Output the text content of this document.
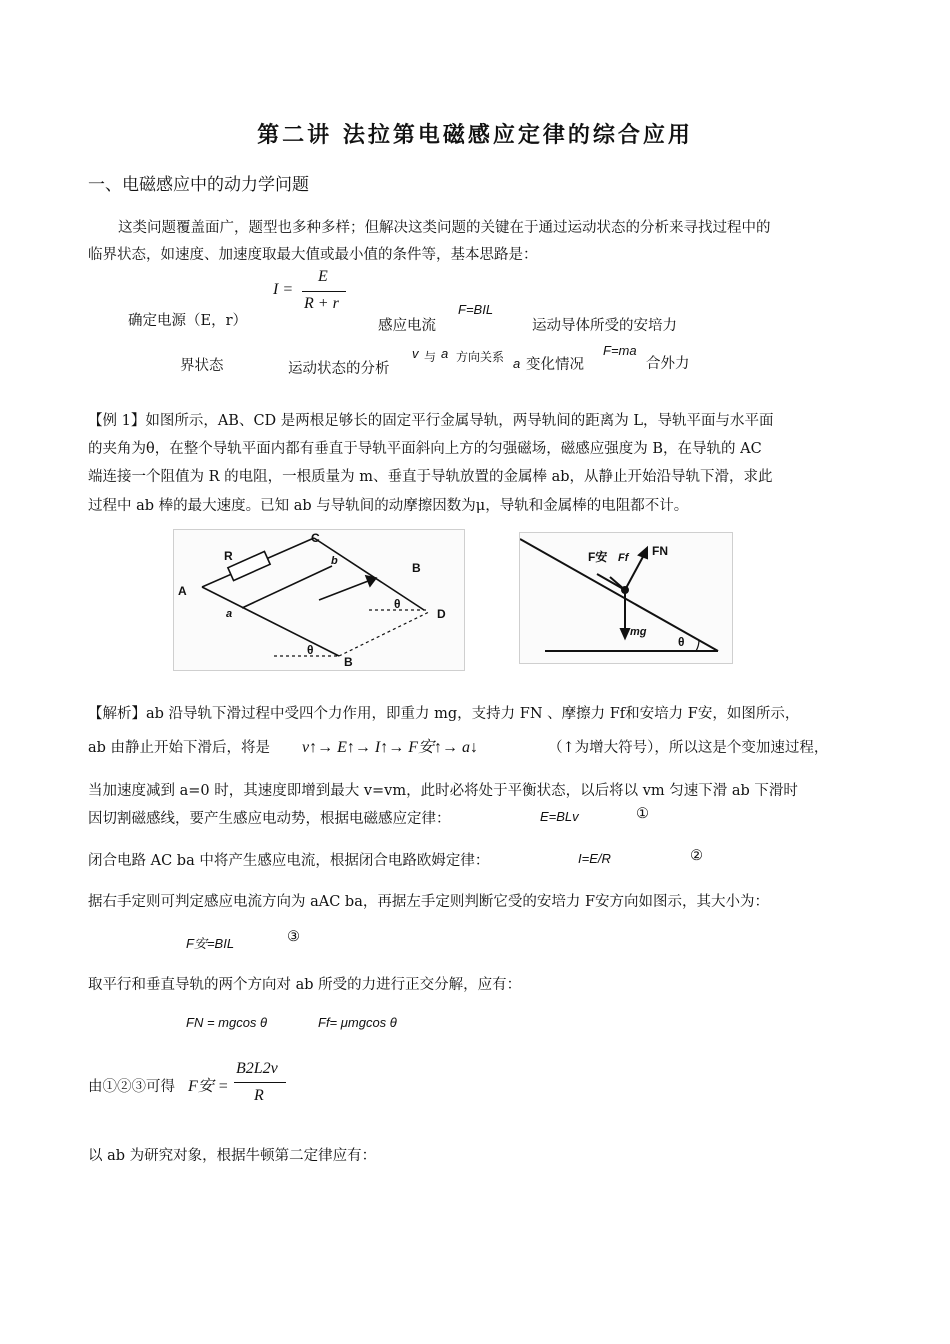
第二讲 法拉第电磁感应定律的综合应用
一、电磁感应中的动力学问题
这类问题覆盖面广，题型也多种多样；但解决这类问题的关键在于通过运动状态的分析来寻找过程中的
临界状态，如速度、加速度取最大值或最小值的条件等，基本思路是：
I =
E
R + r
确定电源（E，r）	感应电流
F=BIL
运动导体所受的安培力
界状态	运动状态的分析
v 与 a 方向关系 a 变化情况
F=ma
合外力
【例 1】如图所示，AB、CD 是两根足够长的固定平行金属导轨，两导轨间的距离为 L，导轨平面与水平面
的夹角为θ，在整个导轨平面内都有垂直于导轨平面斜向上方的匀强磁场，磁感应强度为 B，在导轨的 AC
端连接一个阻值为 R 的电阻，一根质量为 m、垂直于导轨放置的金属棒 ab，从静止开始沿导轨下滑，求此
过程中 ab 棒的最大速度。已知 ab 与导轨间的动摩擦因数为μ，导轨和金属棒的电阻都不计。
R
C
b	B
A
a
θ
D
θ
B
F安 Ff FN
mg
θ
【解析】ab 沿导轨下滑过程中受四个力作用，即重力 mg，支持力 FN 、摩擦力 Ff和安培力 F安，如图所示，
ab 由静止开始下滑后，将是 v↑→ E↑→ I↑→ F安↑→ a↓	（↑为增大符号），所以这是个变加速过程，
当加速度减到 a=0 时，其速度即增到最大 v=vm，此时必将处于平衡状态，以后将以 vm 匀速下滑 ab 下滑时
因切割磁感线，要产生感应电动势，根据电磁感应定律：	E=BLv	①
闭合电路 AC ba 中将产生感应电流，根据闭合电路欧姆定律：	I=E/R	②
据右手定则可判定感应电流方向为 aAC ba，再据左手定则判断它受的安培力 F安方向如图示，其大小为：
F安=BIL	③
取平行和垂直导轨的两个方向对 ab 所受的力进行正交分解，应有：
FN = mgcos θ	Ff= μmgcos θ
由①②③可得 F安 =
B2L2v
R
以 ab 为研究对象，根据牛顿第二定律应有：
